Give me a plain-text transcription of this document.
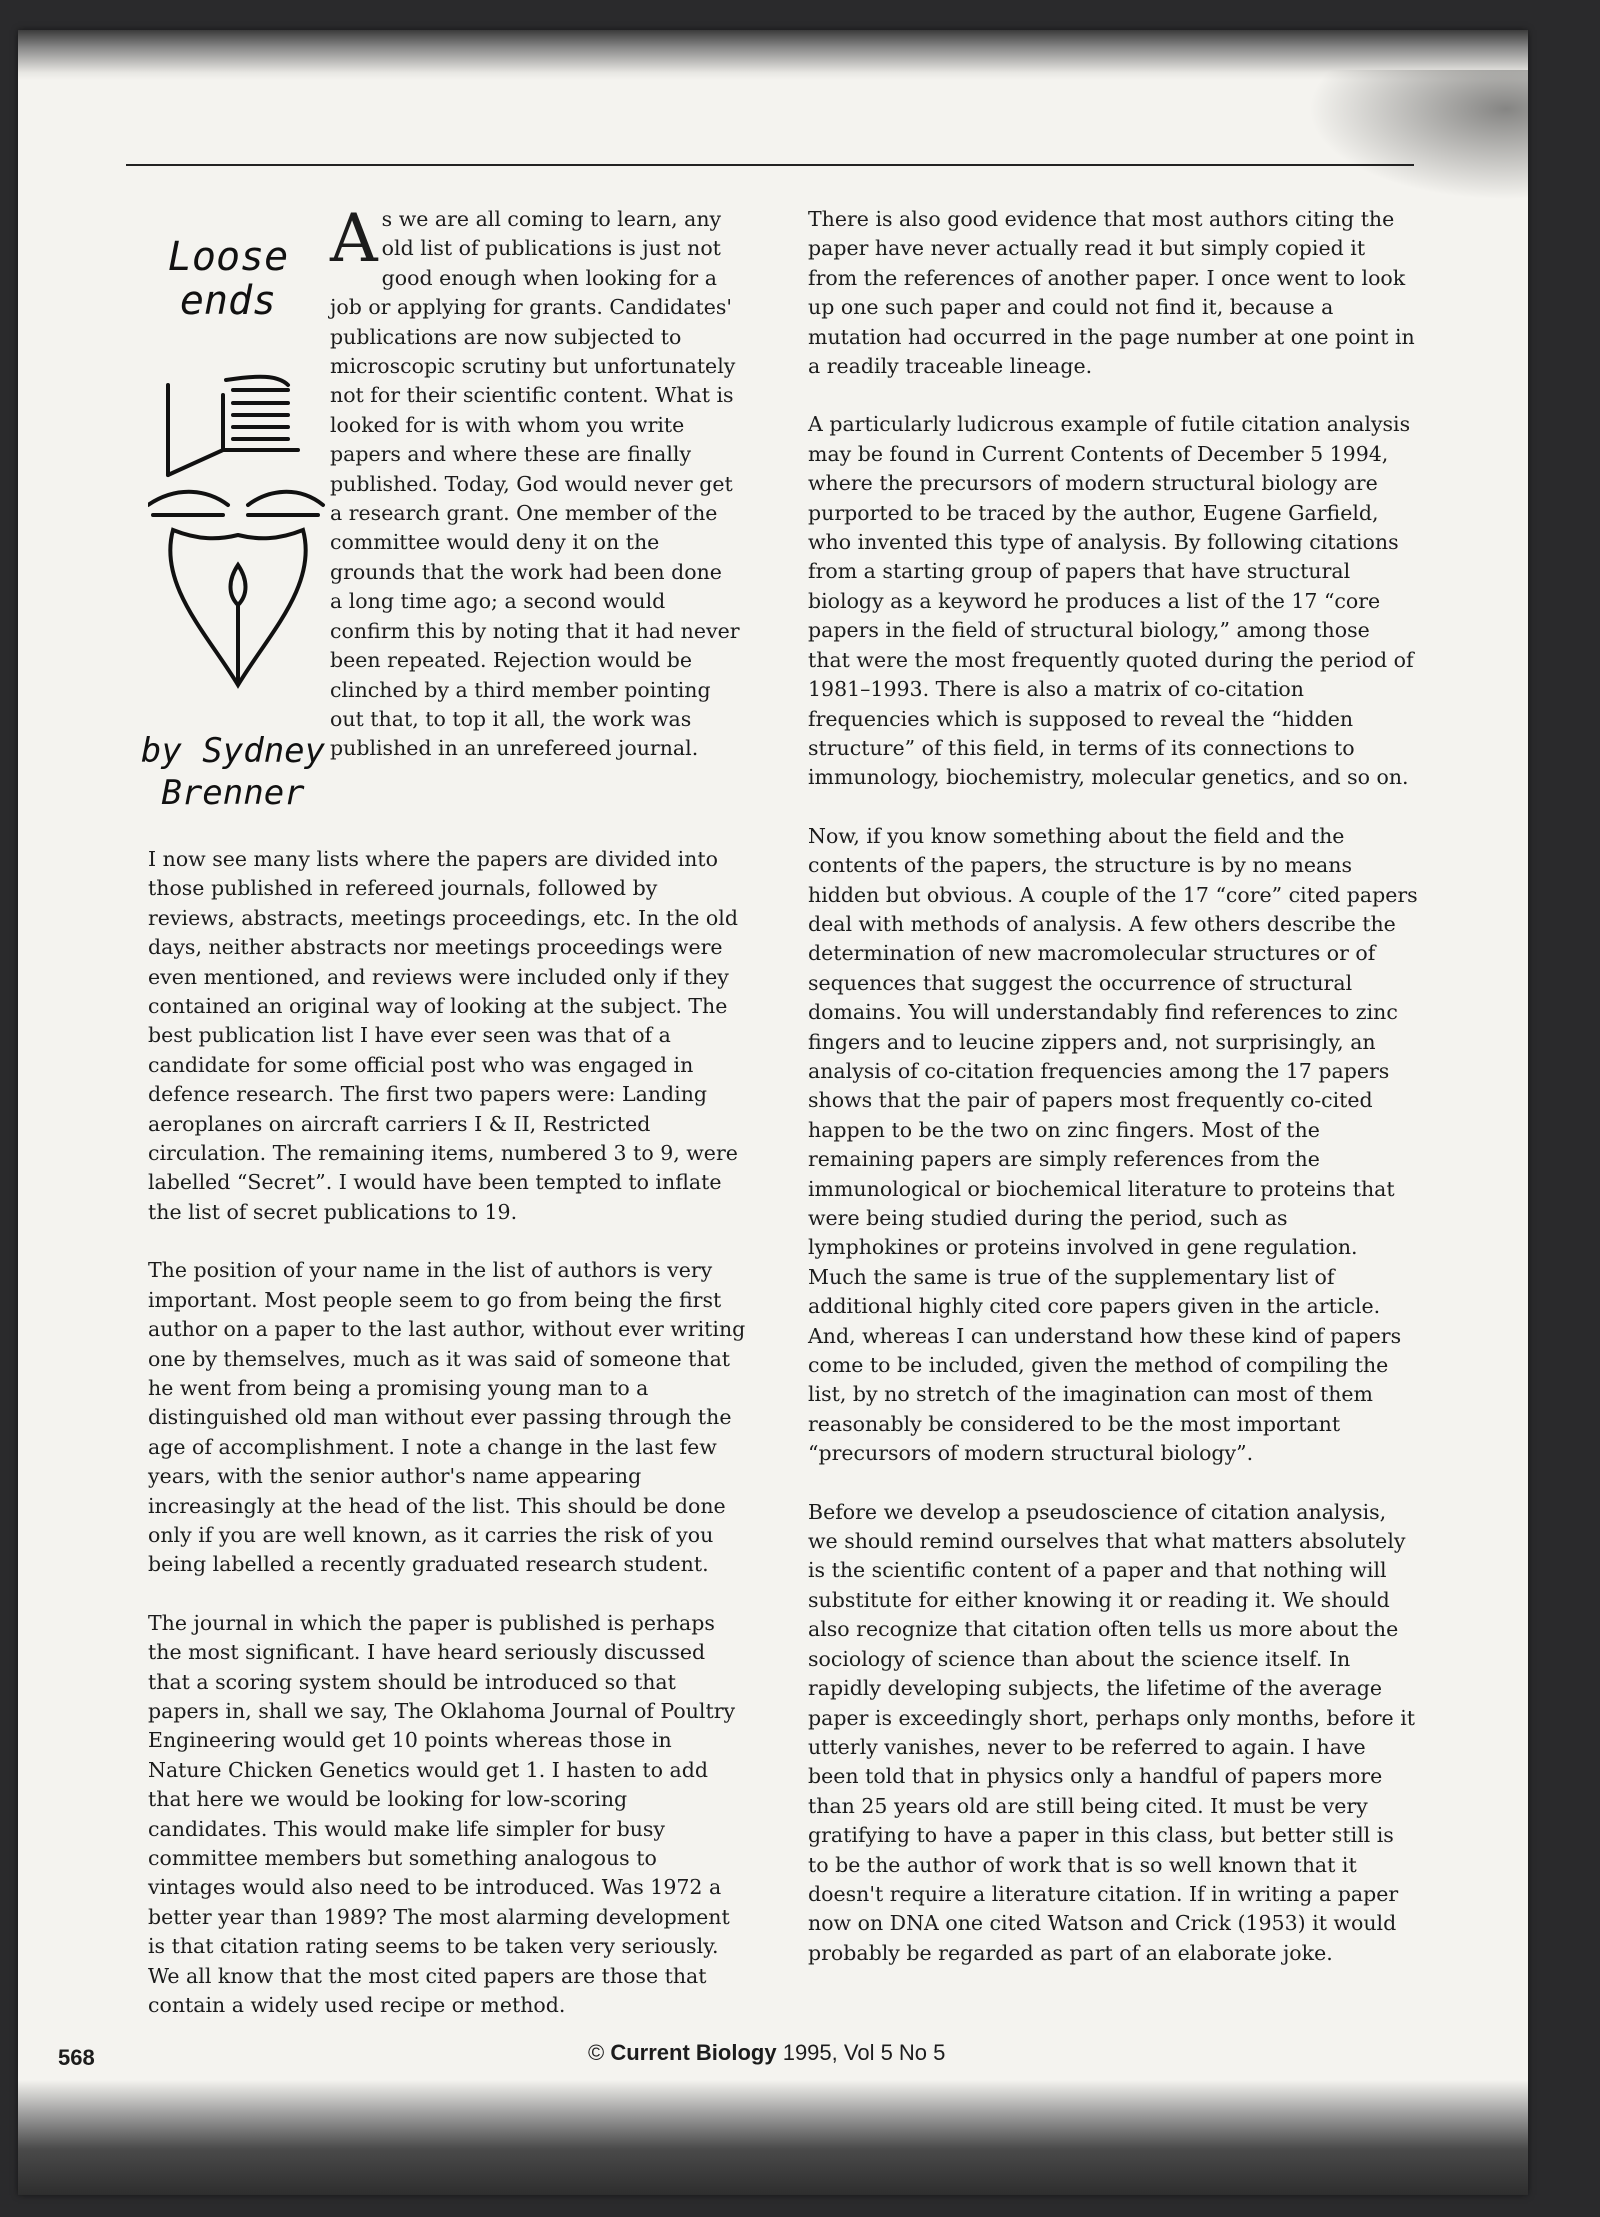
Loose ends
by Sydney Brenner

As we are all coming to learn, any old list of publications is just not good enough when looking for a job or applying for grants. Candidates' publications are now subjected to microscopic scrutiny but unfortunately not for their scientific content. What is looked for is with whom you write papers and where these are finally published. Today, God would never get a research grant. One member of the committee would deny it on the grounds that the work had been done a long time ago; a second would confirm this by noting that it had never been repeated. Rejection would be clinched by a third member pointing out that, to top it all, the work was published in an unrefereed journal.

I now see many lists where the papers are divided into those published in refereed journals, followed by reviews, abstracts, meetings proceedings, etc. In the old days, neither abstracts nor meetings proceedings were even mentioned, and reviews were included only if they contained an original way of looking at the subject. The best publication list I have ever seen was that of a candidate for some official post who was engaged in defence research. The first two papers were: Landing aeroplanes on aircraft carriers I & II, Restricted circulation. The remaining items, numbered 3 to 9, were labelled “Secret”. I would have been tempted to inflate the list of secret publications to 19.

The position of your name in the list of authors is very important. Most people seem to go from being the first author on a paper to the last author, without ever writing one by themselves, much as it was said of someone that he went from being a promising young man to a distinguished old man without ever passing through the age of accomplishment. I note a change in the last few years, with the senior author's name appearing increasingly at the head of the list. This should be done only if you are well known, as it carries the risk of you being labelled a recently graduated research student.

The journal in which the paper is published is perhaps the most significant. I have heard seriously discussed that a scoring system should be introduced so that papers in, shall we say, The Oklahoma Journal of Poultry Engineering would get 10 points whereas those in Nature Chicken Genetics would get 1. I hasten to add that here we would be looking for low-scoring candidates. This would make life simpler for busy committee members but something analogous to vintages would also need to be introduced. Was 1972 a better year than 1989? The most alarming development is that citation rating seems to be taken very seriously. We all know that the most cited papers are those that contain a widely used recipe or method.

There is also good evidence that most authors citing the paper have never actually read it but simply copied it from the references of another paper. I once went to look up one such paper and could not find it, because a mutation had occurred in the page number at one point in a readily traceable lineage.

A particularly ludicrous example of futile citation analysis may be found in Current Contents of December 5 1994, where the precursors of modern structural biology are purported to be traced by the author, Eugene Garfield, who invented this type of analysis. By following citations from a starting group of papers that have structural biology as a keyword he produces a list of the 17 “core papers in the field of structural biology,” among those that were the most frequently quoted during the period of 1981–1993. There is also a matrix of co-citation frequencies which is supposed to reveal the “hidden structure” of this field, in terms of its connections to immunology, biochemistry, molecular genetics, and so on.

Now, if you know something about the field and the contents of the papers, the structure is by no means hidden but obvious. A couple of the 17 “core” cited papers deal with methods of analysis. A few others describe the determination of new macromolecular structures or of sequences that suggest the occurrence of structural domains. You will understandably find references to zinc fingers and to leucine zippers and, not surprisingly, an analysis of co-citation frequencies among the 17 papers shows that the pair of papers most frequently co-cited happen to be the two on zinc fingers. Most of the remaining papers are simply references from the immunological or biochemical literature to proteins that were being studied during the period, such as lymphokines or proteins involved in gene regulation. Much the same is true of the supplementary list of additional highly cited core papers given in the article. And, whereas I can understand how these kind of papers come to be included, given the method of compiling the list, by no stretch of the imagination can most of them reasonably be considered to be the most important “precursors of modern structural biology”.

Before we develop a pseudoscience of citation analysis, we should remind ourselves that what matters absolutely is the scientific content of a paper and that nothing will substitute for either knowing it or reading it. We should also recognize that citation often tells us more about the sociology of science than about the science itself. In rapidly developing subjects, the lifetime of the average paper is exceedingly short, perhaps only months, before it utterly vanishes, never to be referred to again. I have been told that in physics only a handful of papers more than 25 years old are still being cited. It must be very gratifying to have a paper in this class, but better still is to be the author of work that is so well known that it doesn't require a literature citation. If in writing a paper now on DNA one cited Watson and Crick (1953) it would probably be regarded as part of an elaborate joke.

568	© Current Biology 1995, Vol 5 No 5
